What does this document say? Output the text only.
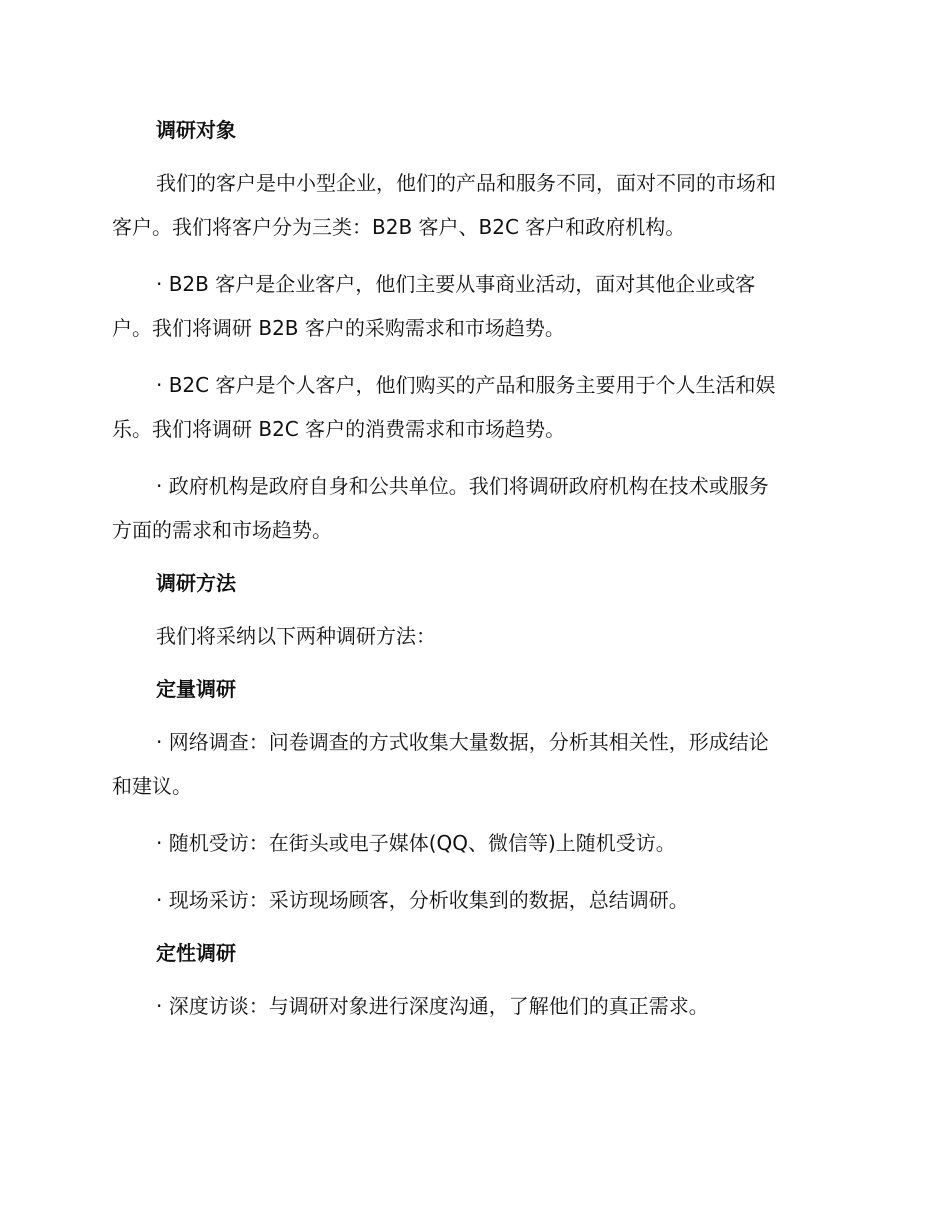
调研对象

我们的客户是中小型企业，他们的产品和服务不同，面对不同的市场和
客户。我们将客户分为三类：B2B 客户、B2C 客户和政府机构。

· B2B 客户是企业客户，他们主要从事商业活动，面对其他企业或客
户。我们将调研 B2B 客户的采购需求和市场趋势。

· B2C 客户是个人客户，他们购买的产品和服务主要用于个人生活和娱
乐。我们将调研 B2C 客户的消费需求和市场趋势。

· 政府机构是政府自身和公共单位。我们将调研政府机构在技术或服务
方面的需求和市场趋势。

调研方法

我们将采纳以下两种调研方法：

定量调研

· 网络调查：问卷调查的方式收集大量数据，分析其相关性，形成结论
和建议。

· 随机受访：在街头或电子媒体(QQ、微信等)上随机受访。

· 现场采访：采访现场顾客，分析收集到的数据，总结调研。

定性调研

· 深度访谈：与调研对象进行深度沟通，了解他们的真正需求。
